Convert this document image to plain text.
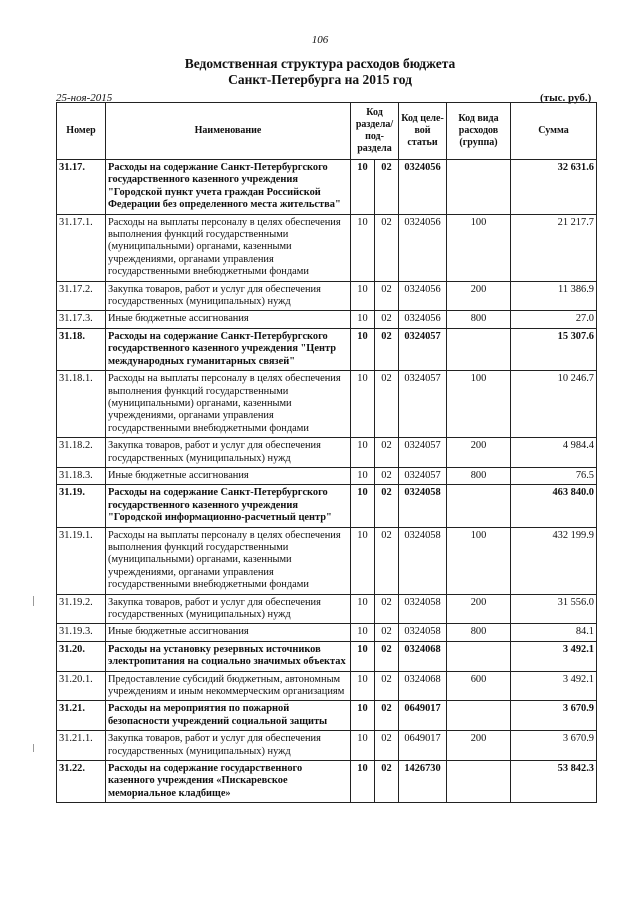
106
Ведомственная структура расходов бюджета
Санкт-Петербурга на 2015 год
25-ноя-2015	(тыс. руб.)
Номер	Наименование	Код раздела/ под- раздела		Код целе- вой статьи	Код вида расходов (группа)	Сумма
31.17.	Расходы на содержание Санкт-Петербургского государственного казенного учреждения "Городской пункт учета граждан Российской Федерации без определенного места жительства"	10	02	0324056		32 631.6
31.17.1.	Расходы на выплаты персоналу в целях обеспечения выполнения функций государственными (муниципальными) органами, казенными учреждениями, органами управления государственными внебюджетными фондами	10	02	0324056	100	21 217.7
31.17.2.	Закупка товаров, работ и услуг для обеспечения государственных (муниципальных) нужд	10	02	0324056	200	11 386.9
31.17.3.	Иные бюджетные ассигнования	10	02	0324056	800	27.0
31.18.	Расходы на содержание Санкт-Петербургского государственного казенного учреждения "Центр международных гуманитарных связей"	10	02	0324057		15 307.6
31.18.1.	Расходы на выплаты персоналу в целях обеспечения выполнения функций государственными (муниципальными) органами, казенными учреждениями, органами управления государственными внебюджетными фондами	10	02	0324057	100	10 246.7
31.18.2.	Закупка товаров, работ и услуг для обеспечения государственных (муниципальных) нужд	10	02	0324057	200	4 984.4
31.18.3.	Иные бюджетные ассигнования	10	02	0324057	800	76.5
31.19.	Расходы на содержание Санкт-Петербургского государственного казенного учреждения "Городской информационно-расчетный центр"	10	02	0324058		463 840.0
31.19.1.	Расходы на выплаты персоналу в целях обеспечения выполнения функций государственными (муниципальными) органами, казенными учреждениями, органами управления государственными внебюджетными фондами	10	02	0324058	100	432 199.9
31.19.2.	Закупка товаров, работ и услуг для обеспечения государственных (муниципальных) нужд	10	02	0324058	200	31 556.0
31.19.3.	Иные бюджетные ассигнования	10	02	0324058	800	84.1
31.20.	Расходы на установку резервных источников электропитания на социально значимых объектах	10	02	0324068		3 492.1
31.20.1.	Предоставление субсидий бюджетным, автономным учреждениям и иным некоммерческим организациям	10	02	0324068	600	3 492.1
31.21.	Расходы на мероприятия по пожарной безопасности учреждений социальной защиты	10	02	0649017		3 670.9
31.21.1.	Закупка товаров, работ и услуг для обеспечения государственных (муниципальных) нужд	10	02	0649017	200	3 670.9
31.22.	Расходы на содержание государственного казенного учреждения «Пискаревское мемориальное кладбище»	10	02	1426730		53 842.3
